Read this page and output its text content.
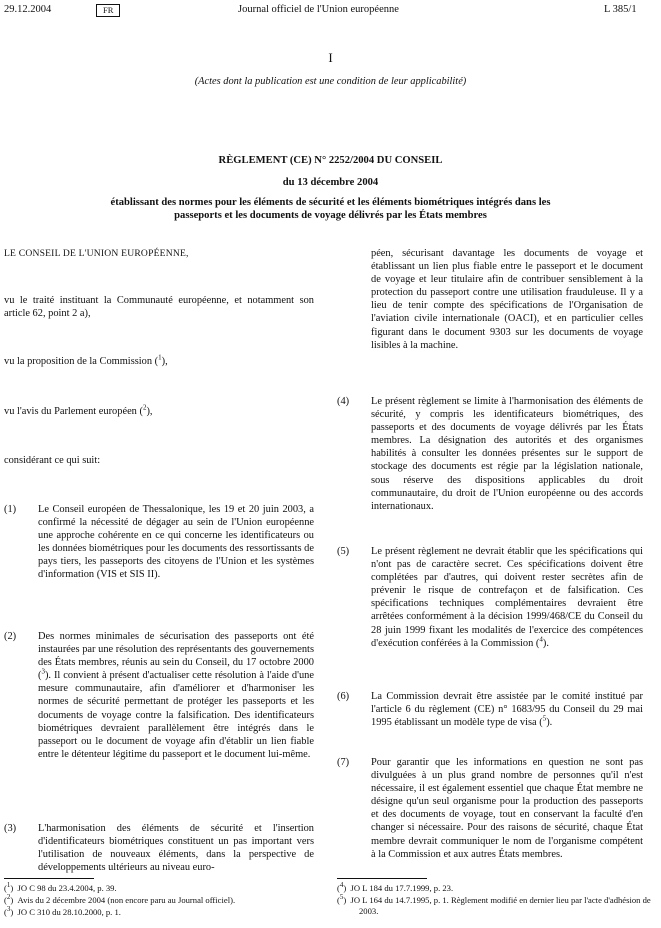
29.12.2004	FR	Journal officiel de l'Union européenne	L 385/1
I
(Actes dont la publication est une condition de leur applicabilité)
RÈGLEMENT (CE) N° 2252/2004 DU CONSEIL
du 13 décembre 2004
établissant des normes pour les éléments de sécurité et les éléments biométriques intégrés dans les
passeports et les documents de voyage délivrés par les États membres
LE CONSEIL DE L'UNION EUROPÉENNE,
vu le traité instituant la Communauté européenne, et notamment son article 62, point 2 a),
vu la proposition de la Commission ($^1$),
vu l'avis du Parlement européen ($^2$),
considérant ce qui suit:
(1) Le Conseil européen de Thessalonique, les 19 et 20 juin 2003, a confirmé la nécessité de dégager au sein de l'Union européenne une approche cohérente en ce qui concerne les identificateurs ou les données biométriques pour les documents des ressortissants de pays tiers, les passeports des citoyens de l'Union et les systèmes d'information (VIS et SIS II).
(2) Des normes minimales de sécurisation des passeports ont été instaurées par une résolution des représentants des gouvernements des États membres, réunis au sein du Conseil, du 17 octobre 2000 ($^3$). Il convient à présent d'actualiser cette résolution à l'aide d'une mesure communautaire, afin d'améliorer et d'harmoniser les normes de sécurité permettant de protéger les passeports et les documents de voyage contre la falsification. Des identificateurs biométriques devraient parallèlement être intégrés dans le passeport ou le document de voyage afin d'établir un lien fiable entre le détenteur légitime du passeport et le document lui-même.
(3) L'harmonisation des éléments de sécurité et l'insertion d'identificateurs biométriques constituent un pas important vers l'utilisation de nouveaux éléments, dans la perspective de développements ultérieurs au niveau euro-
péen, sécurisant davantage les documents de voyage et établissant un lien plus fiable entre le passeport et le document de voyage et leur titulaire afin de contribuer sensiblement à la protection du passeport contre une utilisation frauduleuse. Il y a lieu de tenir compte des spécifications de l'Organisation de l'aviation civile internationale (OACI), et en particulier celles figurant dans le document 9303 sur les documents de voyage lisibles à la machine.
(4) Le présent règlement se limite à l'harmonisation des éléments de sécurité, y compris les identificateurs biométriques, des passeports et des documents de voyage délivrés par les États membres. La désignation des autorités et des organismes habilités à consulter les données présentes sur le support de stockage des documents est régie par la législation nationale, sous réserve des dispositions applicables du droit communautaire, du droit de l'Union européenne ou des accords internationaux.
(5) Le présent règlement ne devrait établir que les spécifications qui n'ont pas de caractère secret. Ces spécifications doivent être complétées par d'autres, qui doivent rester secrètes afin de prévenir le risque de contrefaçon et de falsification. Ces spécifications techniques complémentaires devraient être arrêtées conformément à la décision 1999/468/CE du Conseil du 28 juin 1999 fixant les modalités de l'exercice des compétences d'exécution conférées à la Commission ($^4$).
(6) La Commission devrait être assistée par le comité institué par l'article 6 du règlement (CE) n° 1683/95 du Conseil du 29 mai 1995 établissant un modèle type de visa ($^5$).
(7) Pour garantir que les informations en question ne sont pas divulguées à un plus grand nombre de personnes qu'il n'est nécessaire, il est également essentiel que chaque État membre ne désigne qu'un seul organisme pour la production des passeports et des documents de voyage, tout en conservant la faculté d'en changer si nécessaire. Pour des raisons de sécurité, chaque État membre devrait communiquer le nom de l'organisme compétent à la Commission et aux autres États membres.
($^1$)  JO C 98 du 23.4.2004, p. 39.
($^2$)  Avis du 2 décembre 2004 (non encore paru au Journal officiel).
($^3$)  JO C 310 du 28.10.2000, p. 1.
($^4$)  JO L 184 du 17.7.1999, p. 23.
($^5$)  JO L 164 du 14.7.1995, p. 1. Règlement modifié en dernier lieu par l'acte d'adhésion de 2003.
